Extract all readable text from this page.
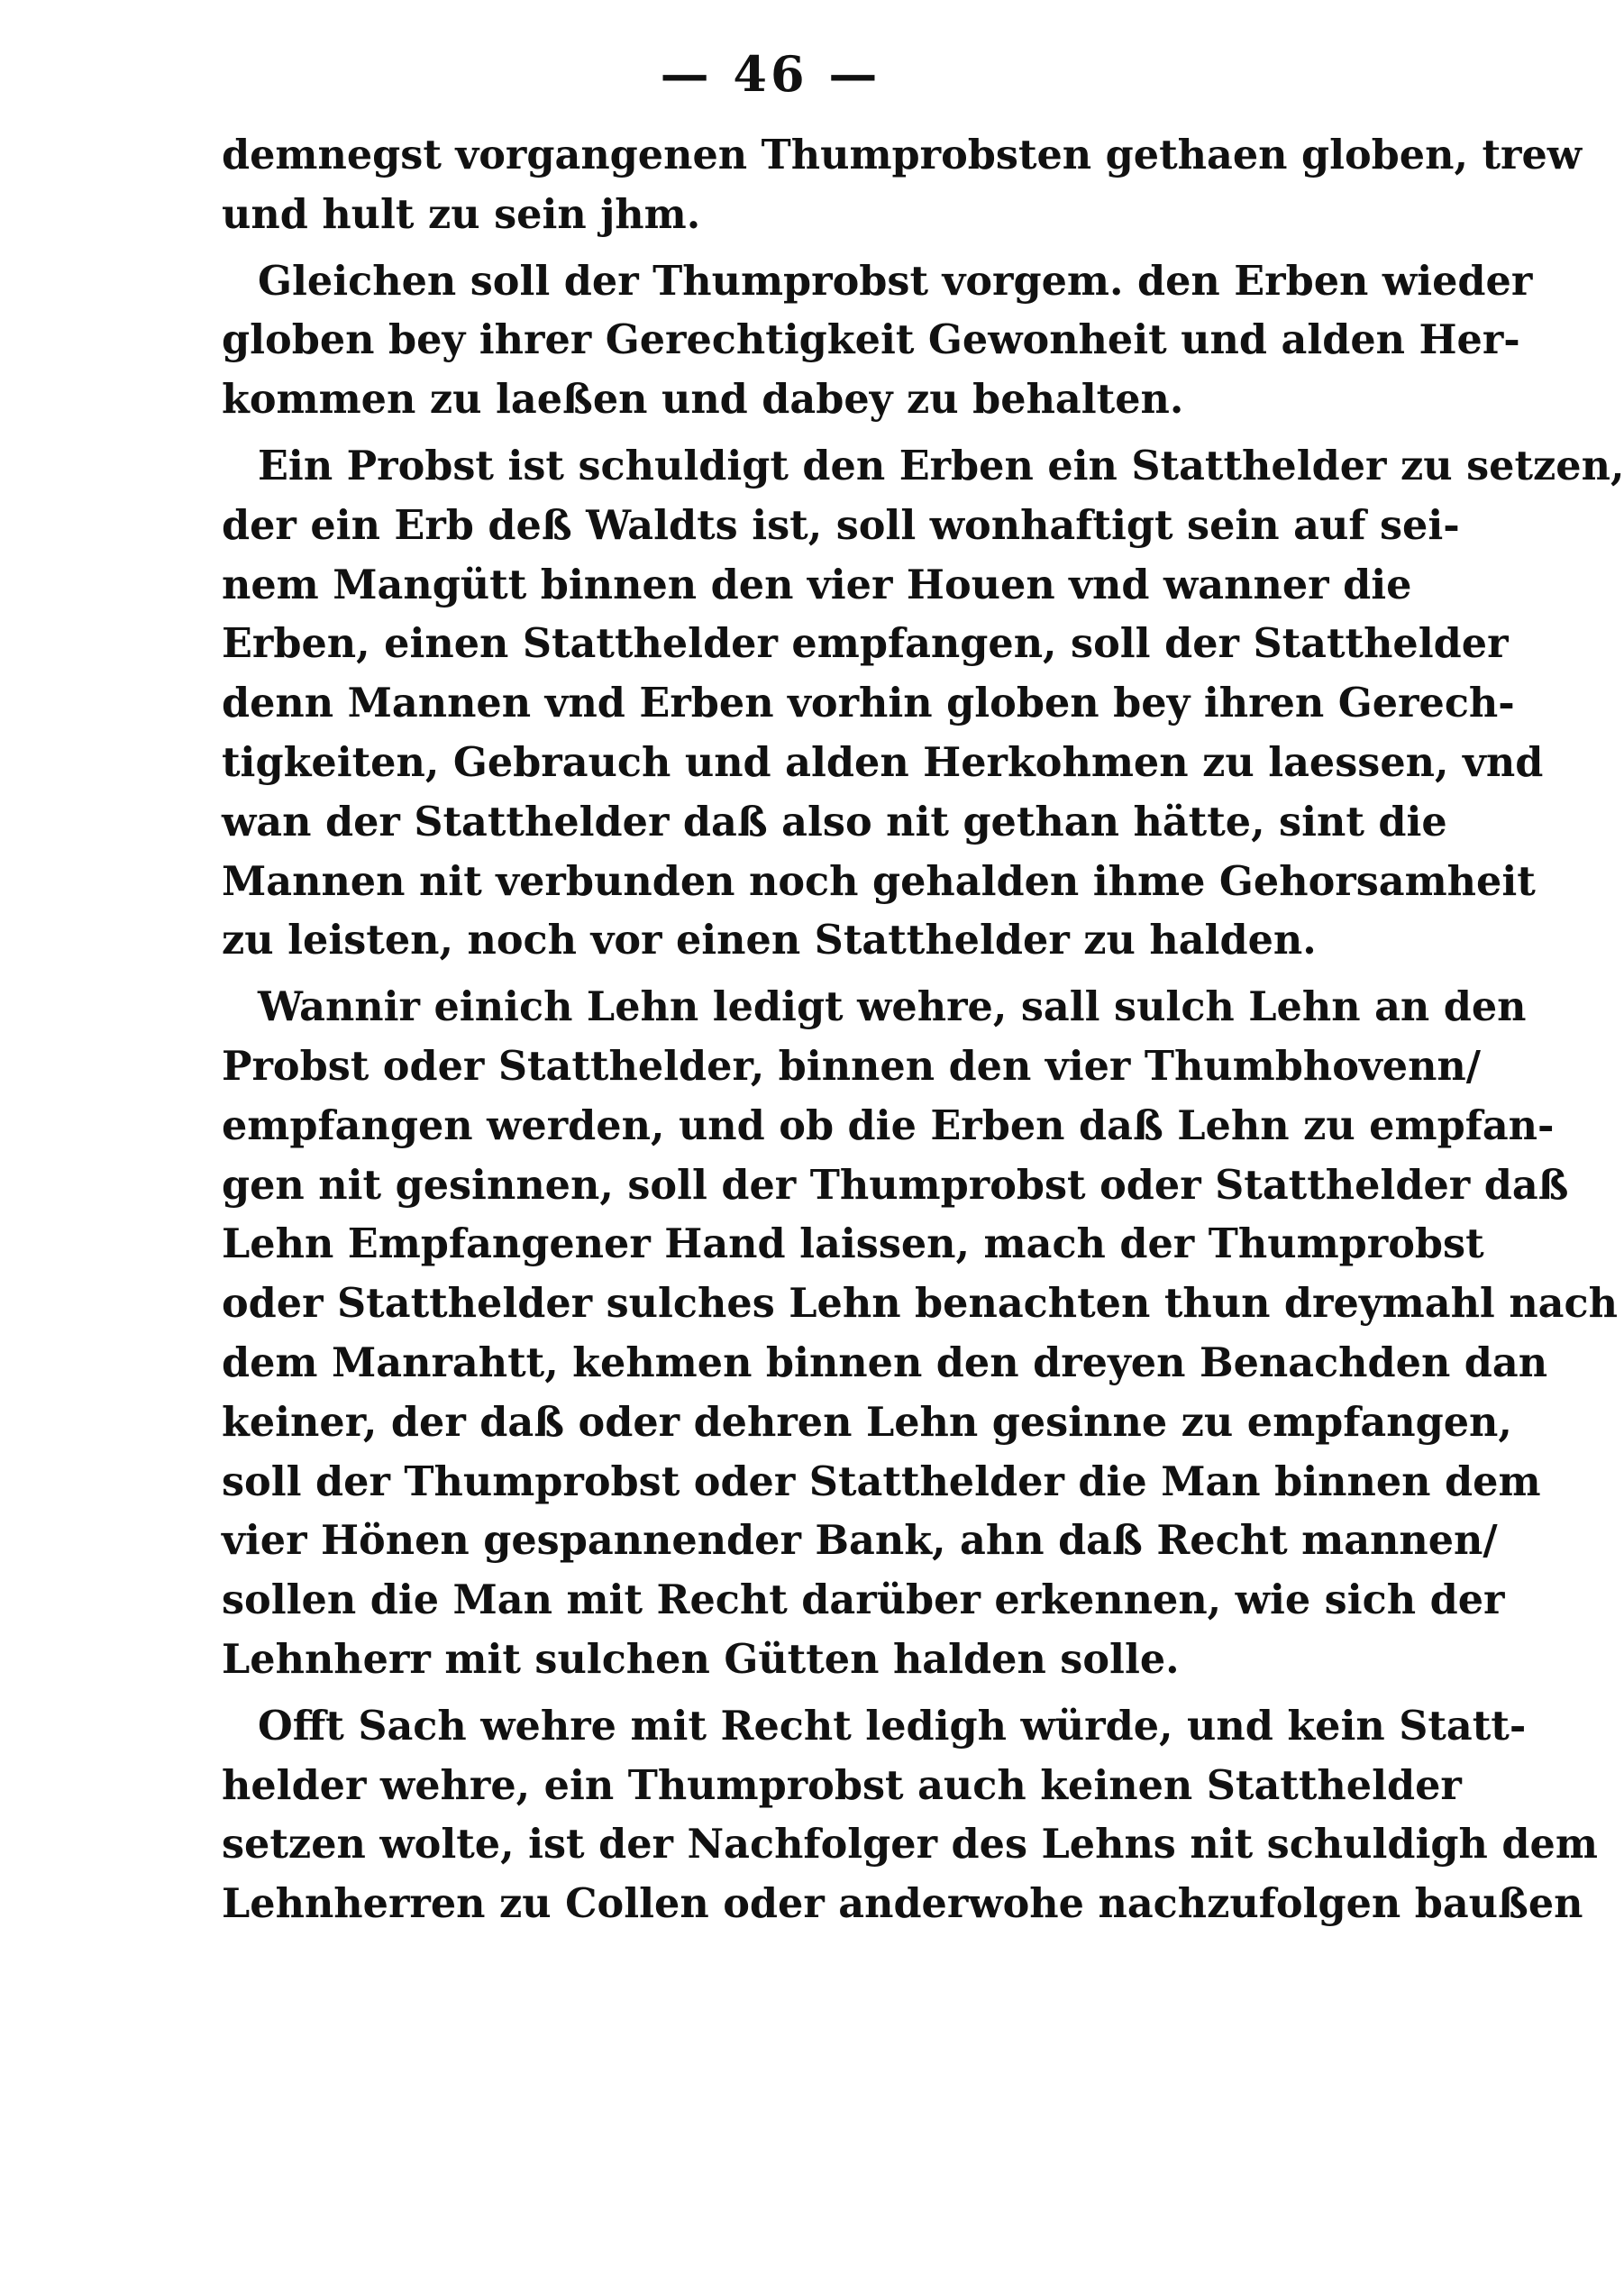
— 46 —

demnegst vorgangenen Thumprobsten gethaen globen, trew
und hult zu sein jhm.

Gleichen soll der Thumprobst vorgem. den Erben wieder
globen bey ihrer Gerechtigkeit Gewonheit und alden Her-
kommen zu laeßen und dabey zu behalten.

Ein Probst ist schuldigt den Erben ein Statthelder zu setzen,
der ein Erb deß Waldts ist, soll wonhaftigt sein auf sei-
nem Mangütt binnen den vier Houen vnd wanner die
Erben, einen Statthelder empfangen, soll der Statthelder
denn Mannen vnd Erben vorhin globen bey ihren Gerech-
tigkeiten, Gebrauch und alden Herkohmen zu laessen, vnd
wan der Statthelder daß also nit gethan hätte, sint die
Mannen nit verbunden noch gehalden ihme Gehorsamheit
zu leisten, noch vor einen Statthelder zu halden.

Wannir einich Lehn ledigt wehre, sall sulch Lehn an den
Probst oder Statthelder, binnen den vier Thumbhovenn/
empfangen werden, und ob die Erben daß Lehn zu empfan-
gen nit gesinnen, soll der Thumprobst oder Statthelder daß
Lehn Empfangener Hand laissen, mach der Thumprobst
oder Statthelder sulches Lehn benachten thun dreymahl nach
dem Manrahtt, kehmen binnen den dreyen Benachden dan
keiner, der daß oder dehren Lehn gesinne zu empfangen,
soll der Thumprobst oder Statthelder die Man binnen dem
vier Hönen gespannender Bank, ahn daß Recht mannen/
sollen die Man mit Recht darüber erkennen, wie sich der
Lehnherr mit sulchen Gütten halden solle.

Offt Sach wehre mit Recht ledigh würde, und kein Statt-
helder wehre, ein Thumprobst auch keinen Statthelder
setzen wolte, ist der Nachfolger des Lehns nit schuldigh dem
Lehnherren zu Collen oder anderwohe nachzufolgen baußen
